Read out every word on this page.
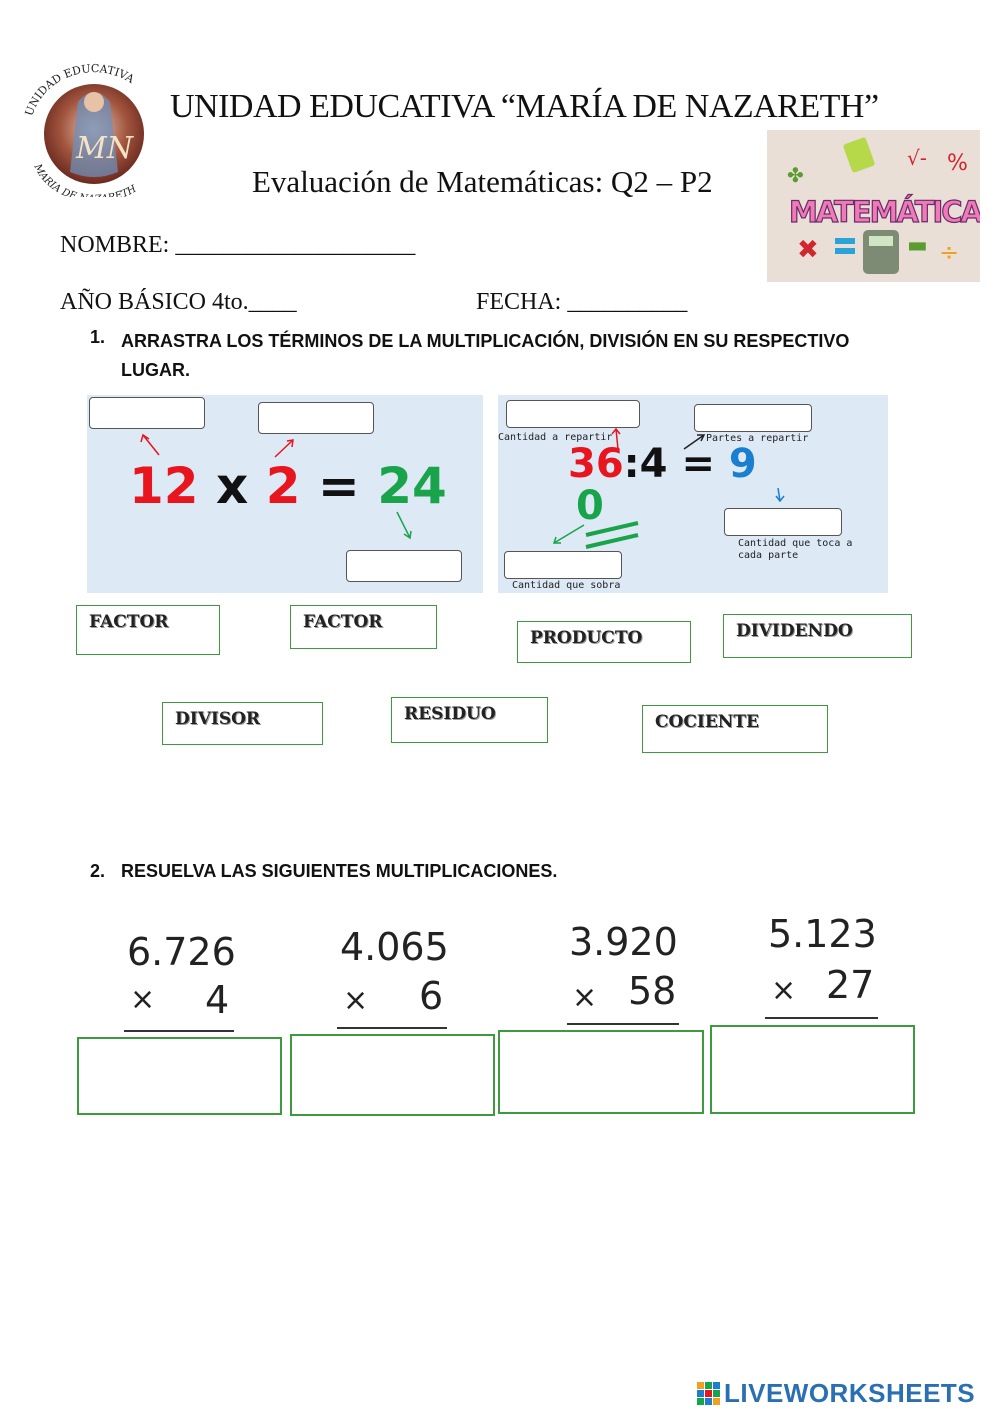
MN
UNIDAD EDUCATIVA
MARIA DE ETH
UNIDAD EDUCATIVA “MARÍA DE NAZARETH”
Evaluación de Matemáticas: Q2 – P2
√- %
✤
MATEMÁTICAS
✖	▬ ÷
NOMBRE: ____________________
AÑO BÁSICO 4to.____	FECHA: __________
1. ARRASTRA LOS TÉRMINOS DE LA MULTIPLICACIÓN, DIVISIÓN EN SU RESPECTIVO LUGAR.
12 x 2 = 24
Cantidad a repartir	Partes a repartir
Cantidad que toca a
cada parte
Cantidad que sobra
36:4 = 9
0
FACTOR	FACTOR
PRODUCTO	DIVIDENDO
DIVISOR	RESIDUO	COCIENTE
2. RESUELVA LAS SIGUIENTES MULTIPLICACIONES.
6.726
× 4
4.065
× 6
3.920
× 58
5.123
× 27
LIVEWORKSHEETS
